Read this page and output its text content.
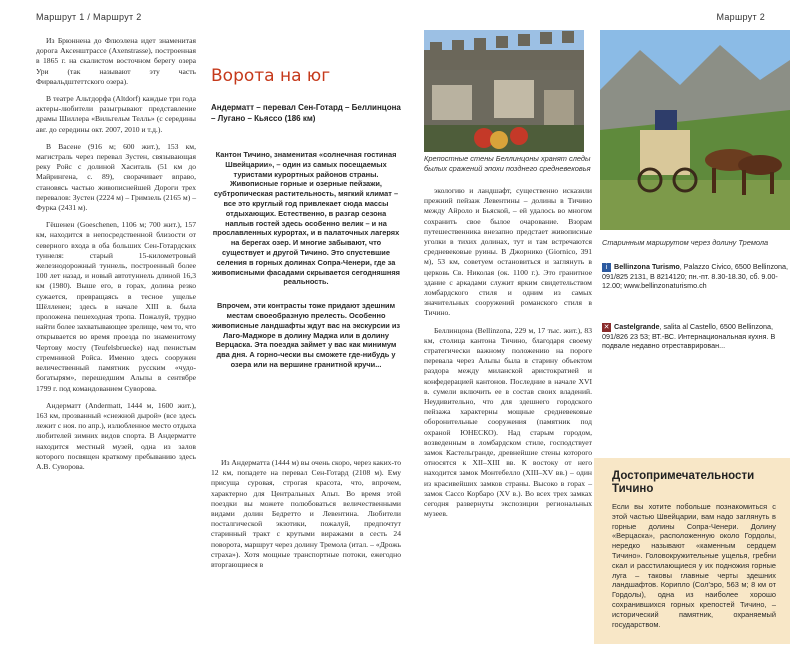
Маршрут 1 / Маршрут 2	Маршрут 2

Из Брюннена до Флюэлена идет знаменитая дорога Аксенштрассе (Axenstrasse), построенная в 1865 г. на скалистом восточном берегу озера Ури (так называют эту часть Фирвальдштеттского озера).

В театре Альтдорфа (Altdorf) каждые три года актеры-любители разыгрывают представление драмы Шиллера «Вильгельм Телль» (с середины авг. до середины окт. 2007, 2010 и т.д.).

В Васене (916 м; 600 жит.), 153 км, магистраль через перевал Зустен, связывающая реку Ройс с долиной Хаситаль (51 км до Майрингена, с. 89), сворачивает вправо, становясь частью живописнейшей Дороги трех перевалов: Зустен (2224 м) – Гримзель (2165 м) – Фурка (2431 м).

Гёшенен (Goeschenen, 1106 м; 700 жит.), 157 км, находится в непосредственной близости от северного входа в оба больших Сен-Готардских туннеля: старый 15-километровый железнодорожный туннель, построенный более 100 лет назад, и новый автотуннель длиной 16,3 км (1980). Выше его, в горах, долина резко сужается, превращаясь в тесное ущелье Шёлленен; здесь в начале XIII в. была проложена пешеходная тропа. Пожалуй, трудно найти более захватывающее зрелище, чем то, что открывается во время проезда по знаменитому Чертову мосту (Teufelsbruecke) над пенистым стремниной Ройса. Именно здесь сооружен величественный памятник русским «чудо-богатырям», перешедшим Альпы в сентябре 1799 г. под командованием Суворова.

Андерматт (Andermatt, 1444 м, 1600 жит.), 163 км, прозванный «снежной дырой» (все здесь лежит с ноя. по апр.), излюбленное место отдыха любителей зимних видов спорта. В Андерматте находится местный музей, одна из залов которого посвящен краткому пребыванию здесь А.В. Суворова.

Ворота на юг
Андерматт – перевал Сен-Готард – Беллинцона – Лугано – Кьяссо (186 км)

Кантон Тичино, знаменитая «солнечная гостиная Швейцарии», – один из самых посещаемых туристами курортных районов страны. Живописные горные и озерные пейзажи, субтропическая растительность, мягкий климат – все это круглый год привлекает сюда массы отдыхающих. Естественно, в разгар сезона наплыв гостей здесь особенно велик – и на прославленных курортах, и в палаточных лагерях на берегах озер. И многие забывают, что существует и другой Тичино. Это спустевшие селения в горных долинах Сопра-Ченери, где за живописными фасадами скрывается сегодняшняя реальность.

Впрочем, эти контрасты тоже придают здешним местам своеобразную прелесть. Особенно живописные ландшафты ждут вас на экскурсии из Лаго-Маджоре в долину Маджа или в долину Верцаска. Эта поездка займет у вас как минимум два дня. А горно-чески вы сможете где-нибудь у озера или на вершине гранитной кручи...

Из Андерматта (1444 м) вы очень скоро, через каких-то 12 км, попадете на перевал Сен-Готард (2108 м). Ему присуща суровая, строгая красота, что, впрочем, характерно для Центральных Альп. Во время этой поездки вы можете полюбоваться величественными видами долин Бедретто и Левентина. Любители посталгической экзотики, пожалуй, предпочтут старинный тракт с крутыми виражами в сесть 24 поворота, маршрут через долину Тремола (итал. – «Дрожь страха»). Хотя мощные транспортные потоки, ежегодно вторгающиеся в

Крепостные стены Беллинцоны хранят следы былых сражений эпохи позднего средневековья
Старинным маршрутом через долину Тремола

экологию и ландшафт, существенно исказили прежний пейзаж Левентины – долины в Тичино между Айроло и Бьяской, – ей удалось во многом сохранить свое былое очарование. Взорам путешественника внезапно предстает живописные уголки в тихих долинах, тут и там встречаются средневековые руины. В Джорнико (Giornico, 391 м), 53 км, советуем остановиться и заглянуть в церковь Св. Николая (ок. 1100 г.). Это гранитное здание с аркадами служит ярким свидетельством ломбардского стиля и одним из самых значительных сооружений романского стиля в Тичино.

Беллинцона (Bellinzona, 229 м, 17 тыс. жит.), 83 км, столица кантона Тичино, благодаря своему стратегически важному положению на пороге перевала через Альпы была в старину объектом раздора между миланской аристократией и конфедерацией кантонов. Последние в начале XVI в. сумели включить ее в состав своих владений. Неудивительно, что для здешнего городского пейзажа характерны мощные средневековые оборонительные сооружения (памятник под охраной ЮНЕСКО). Над старым городом, возведенным в ломбардском стиле, господствует замок Кастельгранде, древнейшие стены которого относятся к XII–XIII вв. К востоку от него находится замок Монтебелло (XIII–XV вв.) – один из красивейших замков страны. Высоко в горах – замок Сассо Корбаро (XV в.). Во всех трех замках сегодня развернуты экспозиции региональных музеев.

i Bellinzona Turismo, Palazzo Civico, 6500 Bellinzona, 091/825 2131, В 8214120; пн.-пт. 8.30-18.30, сб. 9.00-12.00; www.bellinzonaturismo.ch
✕ Castelgrande, salita al Castello, 6500 Bellinzona, 091/826 23 53; ВТ.-ВС. Интернациональная кухня. В подвале недавно отреставрирован...
Достопримечательности Тичино
Если вы хотите побольше познакомиться с этой частью Швейцарии, вам надо заглянуть в горные долины Сопра-Ченери. Долину «Верцаска», расположенную около Гордолы, нередко называют «каменным сердцем Тичино». Головокружительные ущелья, гребни скал и расстилающиеся у их подножия горные луга – таковы главные черты здешних ландшафтов. Корипло (Сол'эро, 563 м; 8 км от Гордолы), одна из наиболее хорошо сохранившихся горных крепостей Тичино, – исторический памятник, охраняемый государством.
